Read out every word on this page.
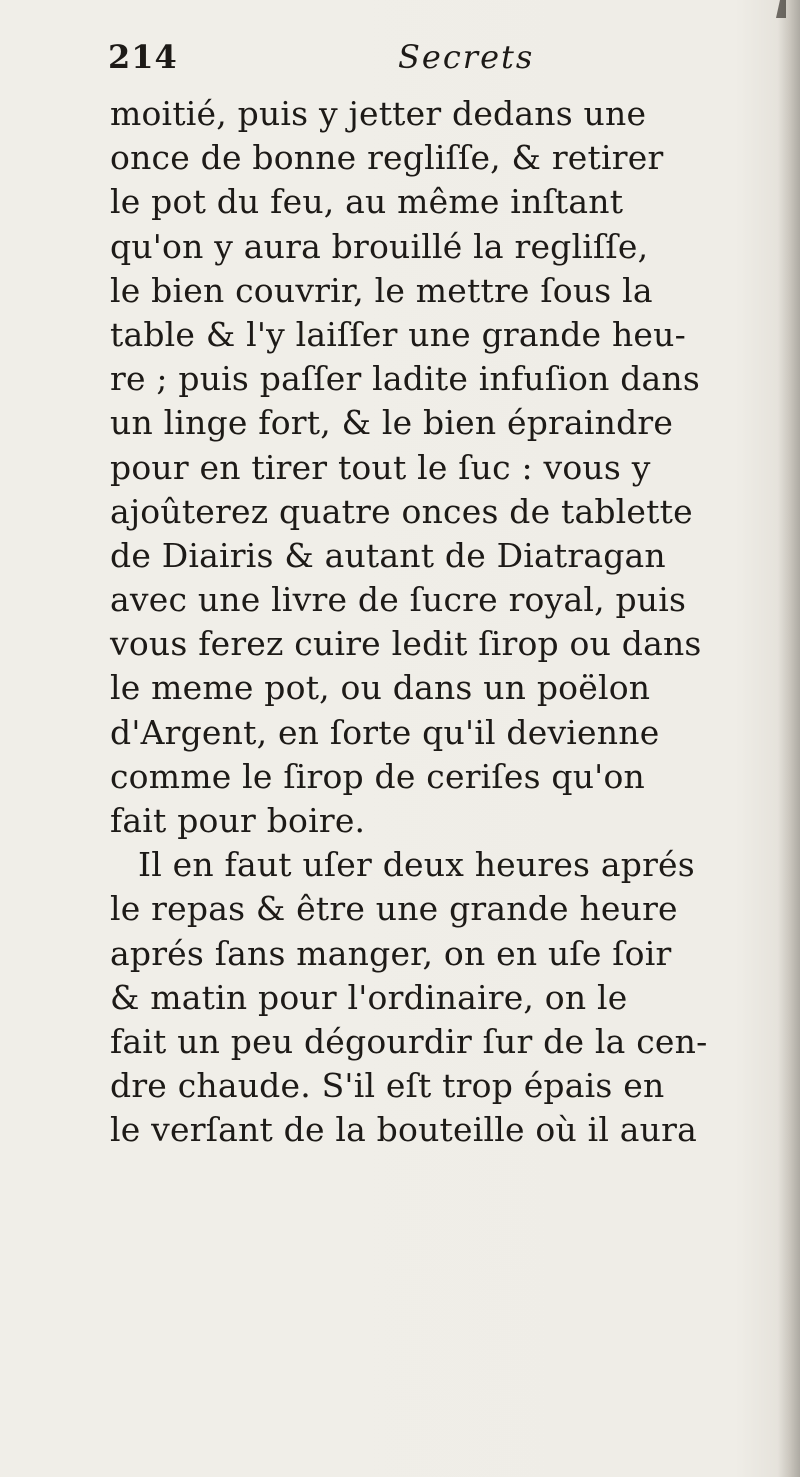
214	Secrets
moitié, puis y jetter dedans une
once de bonne regliſſe, & retirer
le pot du feu, au même inſtant
qu'on y aura brouillé la regliſſe,
le bien couvrir, le mettre ſous la
table & l'y laiſſer une grande heu-
re ; puis paſſer ladite infuſion dans
un linge fort, & le bien épraindre
pour en tirer tout le ſuc : vous y
ajoûterez quatre onces de tablette
de Diairis & autant de Diatragan
avec une livre de ſucre royal, puis
vous ferez cuire ledit ſirop ou dans
le meme pot, ou dans un poëlon
d'Argent, en ſorte qu'il devienne
comme le ſirop de ceriſes qu'on
fait pour boire.
Il en faut uſer deux heures aprés
le repas & être une grande heure
aprés ſans manger, on en uſe ſoir
& matin pour l'ordinaire, on le
fait un peu dégourdir ſur de la cen-
dre chaude. S'il eſt trop épais en
le verſant de la bouteille où il aura
